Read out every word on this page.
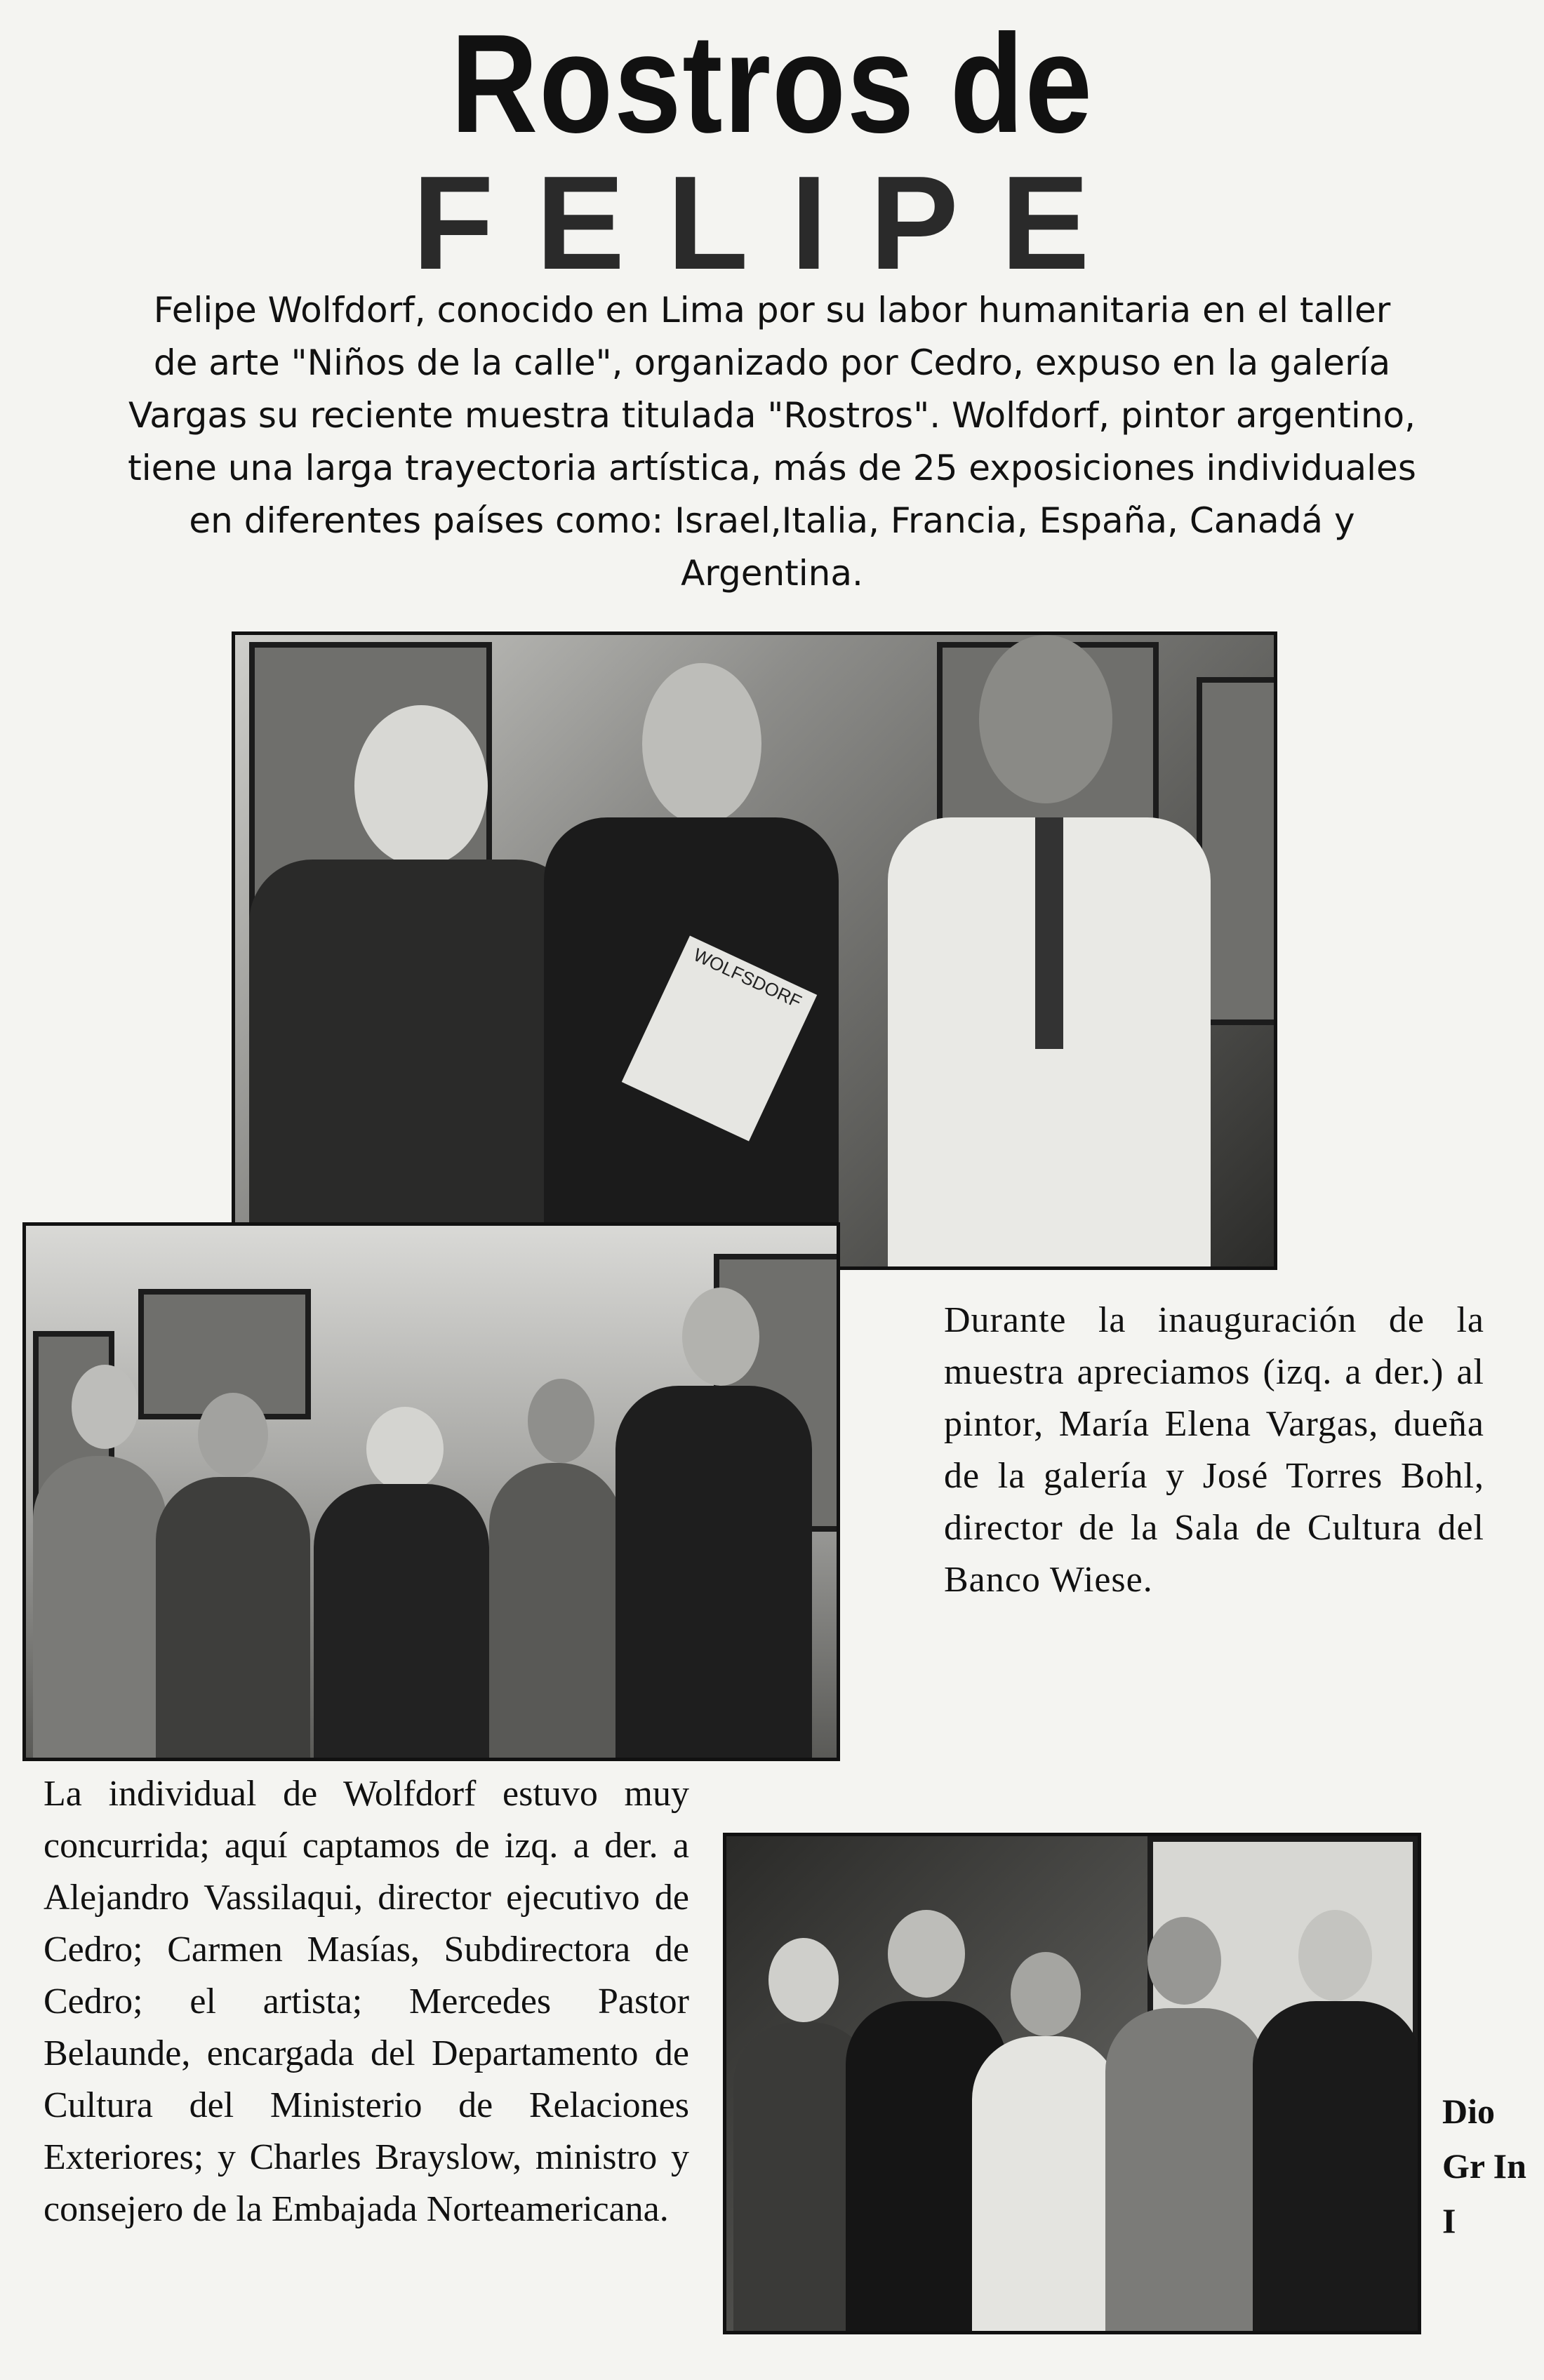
Rostros de
FELIPE
Felipe Wolfdorf, conocido en Lima por su labor humanitaria en el taller de arte "Niños de la calle", organizado por Cedro, expuso en la galería Vargas su reciente muestra titulada "Rostros". Wolfdorf, pintor argentino, tiene una larga trayectoria artística, más de 25 exposiciones individuales en diferentes países como: Israel,Italia, Francia, España, Canadá y Argentina.
WOLFSDORF
Durante la inauguración de la muestra apreciamos (izq. a der.) al pintor, María Elena Vargas, dueña de la galería y José Torres Bohl, director de la Sala de Cultura del Banco Wiese.
La individual de Wolfdorf estuvo muy concurrida; aquí captamos de izq. a der. a Alejandro Vassilaqui, director ejecutivo de Cedro; Carmen Masías, Subdirectora de Cedro; el artista; Mercedes Pastor Belaunde, encargada del Departamento de Cultura del Ministerio de Relaciones Exteriores; y Charles Brayslow, ministro y consejero de la Embajada Norteamericana.
Dio Gr In I
